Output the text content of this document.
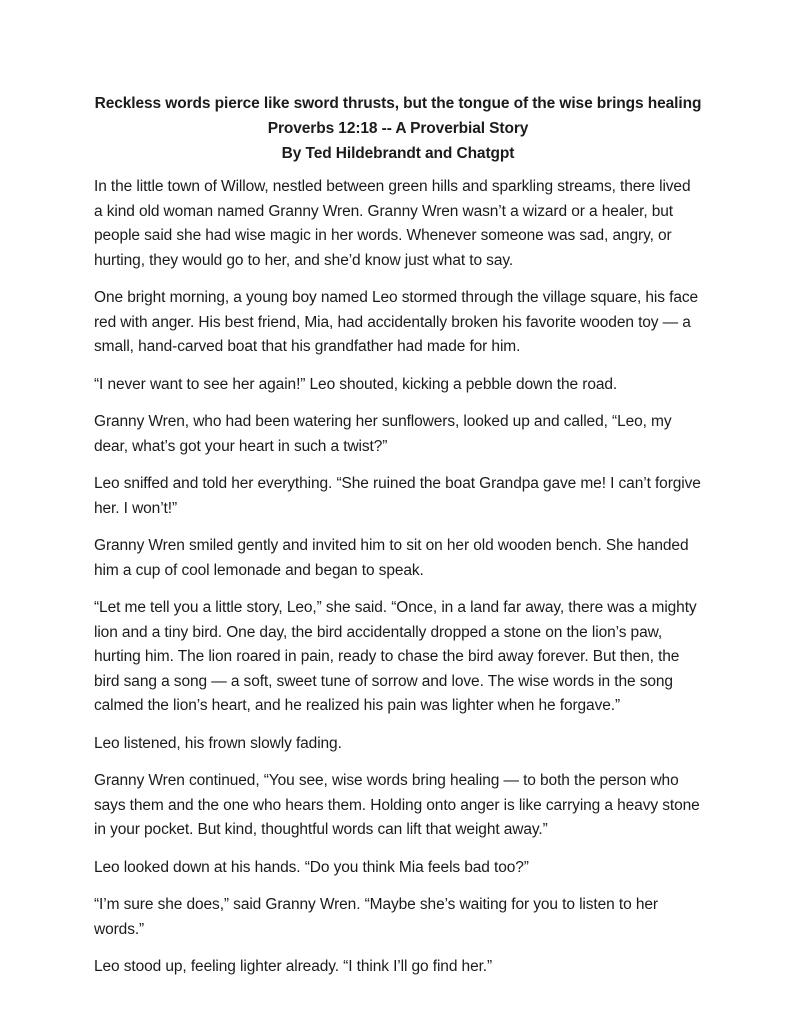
Reckless words pierce like sword thrusts, but the tongue of the wise brings healing
Proverbs 12:18 -- A Proverbial Story
By Ted Hildebrandt and Chatgpt

In the little town of Willow, nestled between green hills and sparkling streams, there lived a kind old woman named Granny Wren. Granny Wren wasn’t a wizard or a healer, but people said she had wise magic in her words. Whenever someone was sad, angry, or hurting, they would go to her, and she’d know just what to say.

One bright morning, a young boy named Leo stormed through the village square, his face red with anger. His best friend, Mia, had accidentally broken his favorite wooden toy — a small, hand-carved boat that his grandfather had made for him.

“I never want to see her again!” Leo shouted, kicking a pebble down the road.

Granny Wren, who had been watering her sunflowers, looked up and called, “Leo, my dear, what’s got your heart in such a twist?”

Leo sniffed and told her everything. “She ruined the boat Grandpa gave me! I can’t forgive her. I won’t!”

Granny Wren smiled gently and invited him to sit on her old wooden bench. She handed him a cup of cool lemonade and began to speak.

“Let me tell you a little story, Leo,” she said. “Once, in a land far away, there was a mighty lion and a tiny bird. One day, the bird accidentally dropped a stone on the lion’s paw, hurting him. The lion roared in pain, ready to chase the bird away forever. But then, the bird sang a song — a soft, sweet tune of sorrow and love. The wise words in the song calmed the lion’s heart, and he realized his pain was lighter when he forgave.”

Leo listened, his frown slowly fading.

Granny Wren continued, “You see, wise words bring healing — to both the person who says them and the one who hears them. Holding onto anger is like carrying a heavy stone in your pocket. But kind, thoughtful words can lift that weight away.”

Leo looked down at his hands. “Do you think Mia feels bad too?”

“I’m sure she does,” said Granny Wren. “Maybe she’s waiting for you to listen to her words.”

Leo stood up, feeling lighter already. “I think I’ll go find her.”
